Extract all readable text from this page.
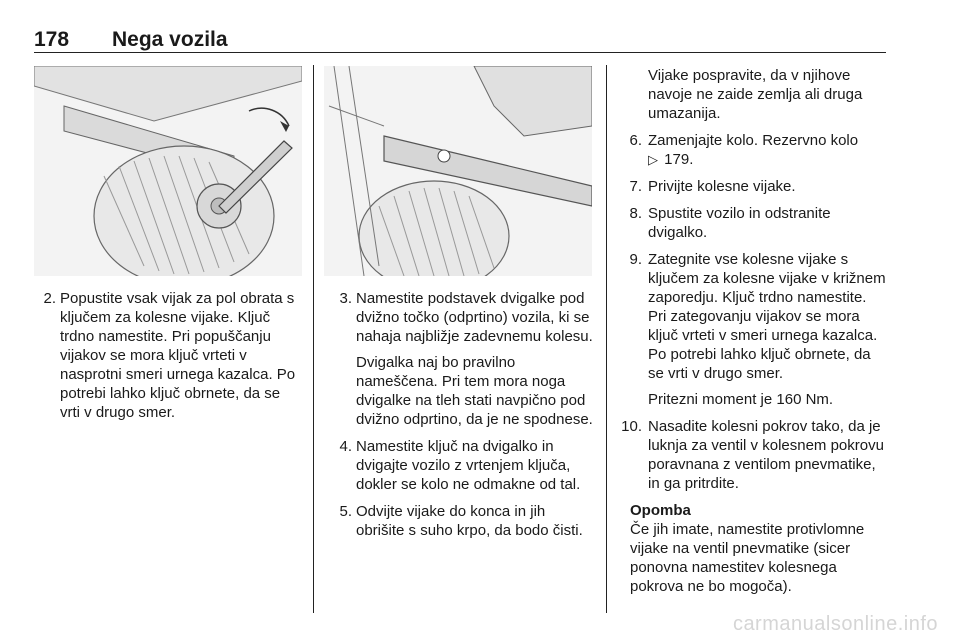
178 Nega vozila
2. Popustite vsak vijak za pol obrata s ključem za kolesne vijake. Ključ trdno namestite. Pri popuščanju vijakov se mora ključ vrteti v nasprotni smeri urnega kazalca. Po potrebi lahko ključ obrnete, da se vrti v drugo smer.

3. Namestite podstavek dvigalke pod dvižno točko (odprtino) vozila, ki se nahaja najbližje zadevnemu kolesu.

Dvigalka naj bo pravilno nameščena. Pri tem mora noga dvigalke na tleh stati navpično pod dvižno odprtino, da je ne spodnese.

4. Namestite ključ na dvigalko in dvigajte vozilo z vrtenjem ključa, dokler se kolo ne odmakne od tal.

5. Odvijte vijake do konca in jih obrišite s suho krpo, da bodo čisti.

Vijake pospravite, da v njihove navoje ne zaide zemlja ali druga umazanija.

6. Zamenjajte kolo. Rezervno kolo
▷ 179.

7. Privijte kolesne vijake.

8. Spustite vozilo in odstranite dvigalko.

9. Zategnite vse kolesne vijake s ključem za kolesne vijake v križnem zaporedju. Ključ trdno namestite. Pri zategovanju vijakov se mora ključ vrteti v smeri urnega kazalca. Po potrebi lahko ključ obrnete, da se vrti v drugo smer.

Pritezni moment je 160 Nm.

10. Nasadite kolesni pokrov tako, da je luknja za ventil v kolesnem pokrovu poravnana z ventilom pnevmatike, in ga pritrdite.

Opomba

Če jih imate, namestite protivlomne vijake na ventil pnevmatike (sicer ponovna namestitev kolesnega pokrova ne bo mogoča).

carmanualsonline.info
